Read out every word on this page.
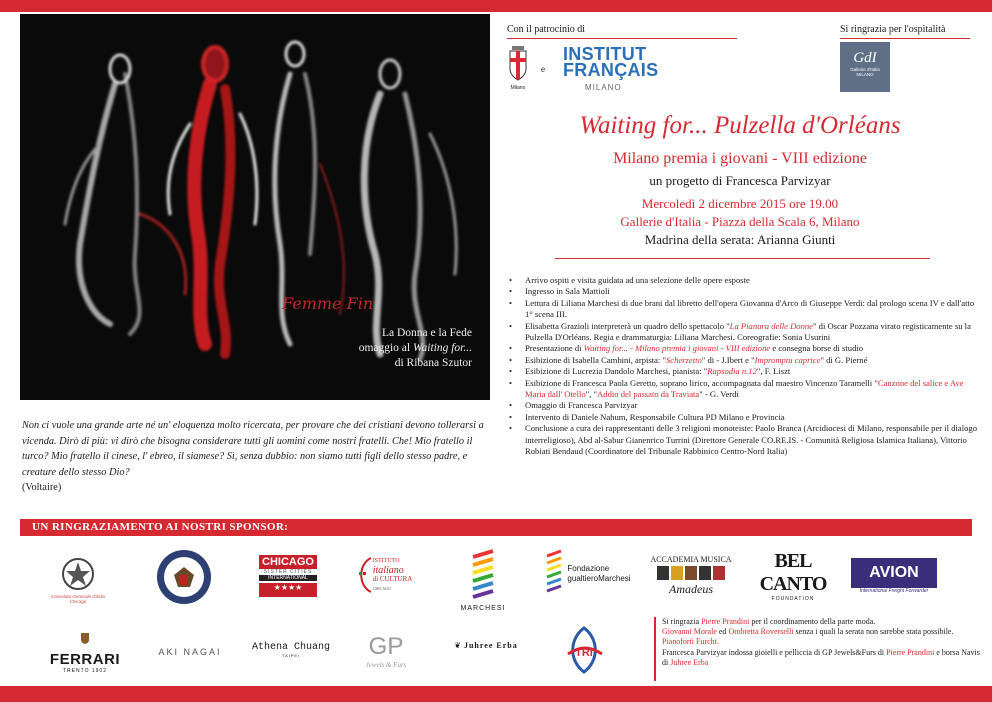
Femme Fin
La Donna e la Fede
omaggio al Waiting for...
di Ribana Szutor
Non ci vuole una grande arte né un' eloquenza molto ricercata, per provare che dei cristiani devono tollerarsi a vicenda. Dirò di più: vi dirò che bisogna considerare tutti gli uomini come nostri fratelli. Che! Mio fratello il turco? Mio fratello il cinese, l' ebreo, il siamese? Sì, senza dubbio: non siamo tutti figli dello stesso padre, e creature dello stesso Dio?
(Voltaire)
Con il patrocinio di	Si ringrazia per l'ospitalità
Milano
e
INSTITUT
FRANÇAIS
MILANO
GdI
Gallerie d'Italia
MILANO
Waiting for... Pulzella d'Orléans
Milano premia i giovani - VIII edizione
un progetto di Francesca Parvizyar
Mercoledì 2 dicembre 2015 ore 19.00
Gallerie d'Italia - Piazza della Scala 6, Milano
Madrina della serata: Arianna Giunti
• Arrivo ospiti e visita guidata ad una selezione delle opere esposte
• Ingresso in Sala Mattioli
• Lettura di Liliana Marchesi di due brani dal libretto dell'opera Giovanna d'Arco di Giuseppe Verdi: dal prologo scena IV e dall'atto 1° scena III.
• Elisabetta Grazioli interpreterà un quadro dello spettacolo "La Pianura delle Donne" di Oscar Pozzana virato registicamente su la Pulzella D'Orléans. Regia e drammaturgia: Liliana Marchesi. Coreografie: Sonia Usurini
• Presentazione di Waiting for... - Milano premia i giovani - VIII edizione e consegna borse di studio
• Esibizione di Isabella Cambini, arpista: "Scherzetto" di - J.Ibert e "Impromptu caprice" di G. Pierné
• Esibizione di Lucrezia Dandolo Marchesi, pianista: "Rapsodia n.12", F. Liszt
• Esibizione di Francesca Paola Geretto, soprano lirico, accompagnata dal maestro Vincenzo Taramelli "Canzone del salice e Ave Maria dall' Otello", "Addio del passato da Traviata" - G. Verdi
• Omaggio di Francesca Parvizyar
• Intervento di Daniele Nahum, Responsabile Cultura PD Milano e Provincia
• Conclusione a cura dei rappresentanti delle 3 religioni monoteiste: Paolo Branca (Arcidiocesi di Milano, responsabile per il dialogo interreligioso), Abd al-Sabur Gianenrico Turrini (Direttore Generale CO.RE.IS. - Comunità Religiosa Islamica Italiana), Vittorio Robiati Bendaud (Coordinatore del Tribunale Rabbinico Centro-Nord Italia)
UN RINGRAZIAMENTO AI NOSTRI SPONSOR:
Consolato Generale d'Italia Chicago
CHICAGO
SISTER CITIES
INTERNATIONAL
★★★★
ISTITUTO
italiano
di CULTURA
CHICAGO
MARCHESI
Fondazione
gualtieroMarchesi
ACCADEMIA MUSICA
Amadeus
BEL CANTO
FOUNDATION
AVION
International Freight Forwarder
FERRARI
TRENTO 1902
AKI NAGAI	Athena Chuang
TAIPEI	GP
Jewels & Furs
❦ Juhree Erba
TRI
Si ringrazia Pierre Prandini per il coordinamento della parte moda.
Giovanni Morale ed Ombretta Roverselli senza i quali la serata non sarebbe stata possibile.
Pianoforti Furcht.
Francesca Parvizyar indossa gioielli e pelliccia di GP Jewels&Furs di Pierre Prandini e borsa Navis di Juhree Erba
